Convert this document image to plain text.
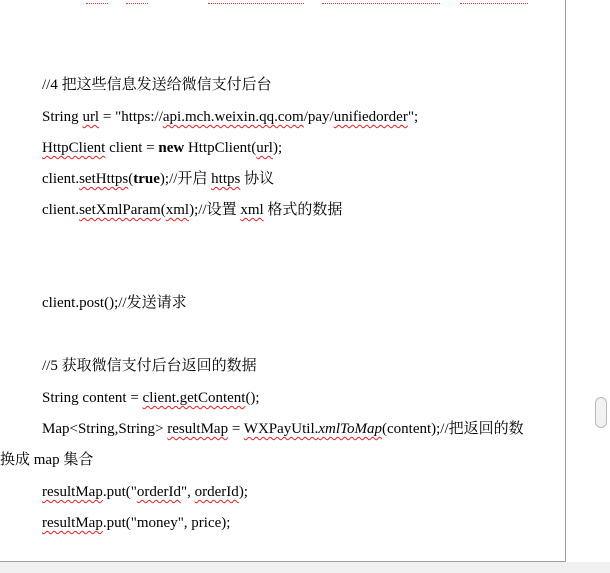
//4 把这些信息发送给微信支付后台
String url = "https://api.mch.weixin.qq.com/pay/unifiedorder";
HttpClient client = new HttpClient(url);
client.setHttps(true);//开启 https 协议
client.setXmlParam(xml);//设置 xml 格式的数据
client.post();//发送请求
//5 获取微信支付后台返回的数据
String content = client.getContent();
Map<String,String> resultMap = WXPayUtil.xmlToMap(content);//把返回的数
换成 map 集合
resultMap.put("orderId", orderId);
resultMap.put("money", price);
